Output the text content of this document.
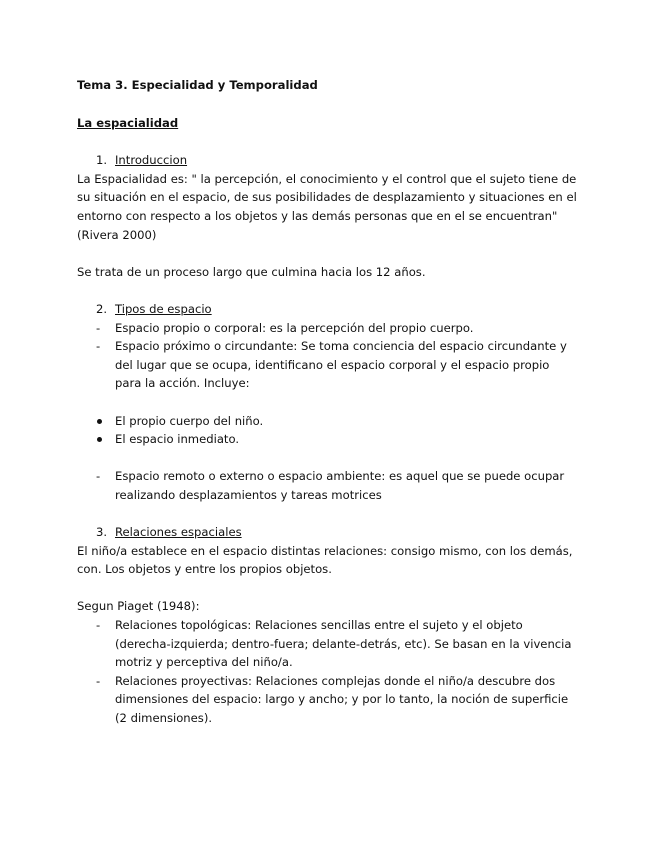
Tema 3. Especialidad y Temporalidad
La espacialidad
1. Introduccion

La Espacialidad es: " la percepción, el conocimiento y el control que el sujeto tiene de su situación en el espacio, de sus posibilidades de desplazamiento y situaciones en el entorno con respecto a los objetos y las demás personas que en el se encuentran" (Rivera 2000)

Se trata de un proceso largo que culmina hacia los 12 años.

2. Tipos de espacio
-	Espacio propio o corporal: es la percepción del propio cuerpo.
-	Espacio próximo o circundante: Se toma conciencia del espacio circundante y del lugar que se ocupa, identificano el espacio corporal y el espacio propio para la acción. Incluye:
El propio cuerpo del niño.
El espacio inmediato.
-	Espacio remoto o externo o espacio ambiente: es aquel que se puede ocupar realizando desplazamientos y tareas motrices
3. Relaciones espaciales

El niño/a establece en el espacio distintas relaciones: consigo mismo, con los demás, con. Los objetos y entre los propios objetos.

Segun Piaget (1948):

-	Relaciones topológicas: Relaciones sencillas entre el sujeto y el objeto (derecha-izquierda; dentro-fuera; delante-detrás, etc). Se basan en la vivencia motriz y perceptiva del niño/a.
-	Relaciones proyectivas: Relaciones complejas donde el niño/a descubre dos dimensiones del espacio: largo y ancho; y por lo tanto, la noción de superficie (2 dimensiones).
